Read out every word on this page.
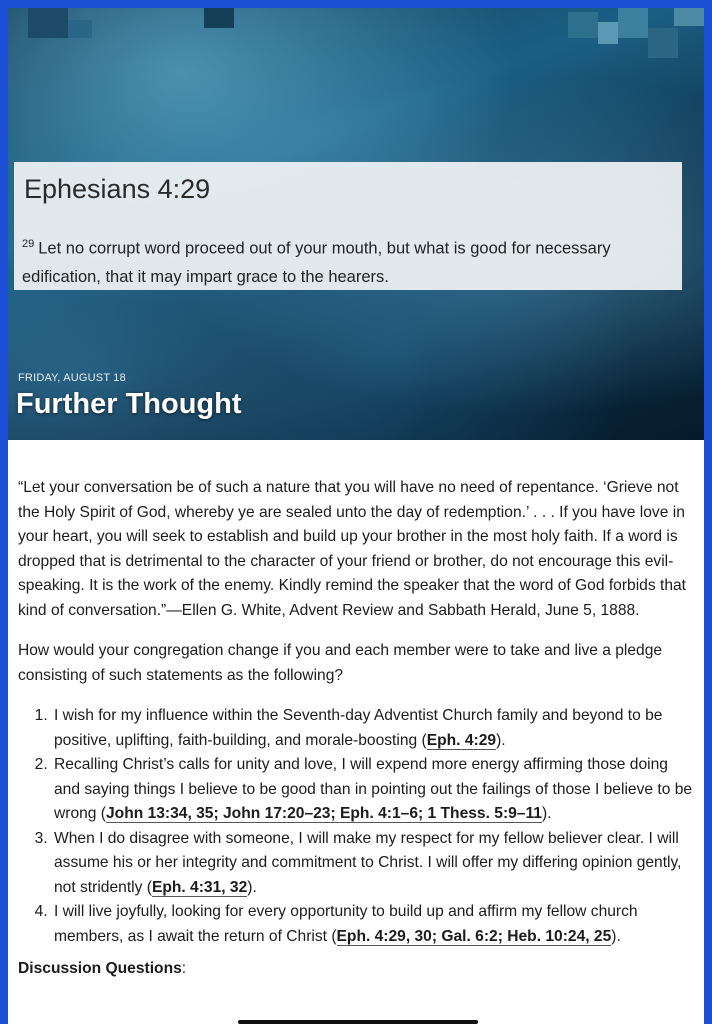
Ephesians 4:29
$^{29}$ Let no corrupt word proceed out of your mouth, but what is good for necessary edification, that it may impart grace to the hearers.
FRIDAY, AUGUST 18
Further Thought

“Let your conversation be of such a nature that you will have no need of repentance. ‘Grieve not the Holy Spirit of God, whereby ye are sealed unto the day of redemption.’ . . . If you have love in your heart, you will seek to establish and build up your brother in the most holy faith. If a word is dropped that is detrimental to the character of your friend or brother, do not encourage this evil-speaking. It is the work of the enemy. Kindly remind the speaker that the word of God forbids that kind of conversation.”—Ellen G. White, Advent Review and Sabbath Herald, June 5, 1888.

How would your congregation change if you and each member were to take and live a pledge consisting of such statements as the following?

1. I wish for my influence within the Seventh-day Adventist Church family and beyond to be positive, uplifting, faith-building, and morale-boosting (Eph. 4:29).
2. Recalling Christ’s calls for unity and love, I will expend more energy affirming those doing and saying things I believe to be good than in pointing out the failings of those I believe to be wrong (John 13:34, 35; John 17:20–23; Eph. 4:1–6; 1 Thess. 5:9–11).
3. When I do disagree with someone, I will make my respect for my fellow believer clear. I will assume his or her integrity and commitment to Christ. I will offer my differing opinion gently, not stridently (Eph. 4:31, 32).
4. I will live joyfully, looking for every opportunity to build up and affirm my fellow church members, as I await the return of Christ (Eph. 4:29, 30; Gal. 6:2; Heb. 10:24, 25).
Discussion Questions:
